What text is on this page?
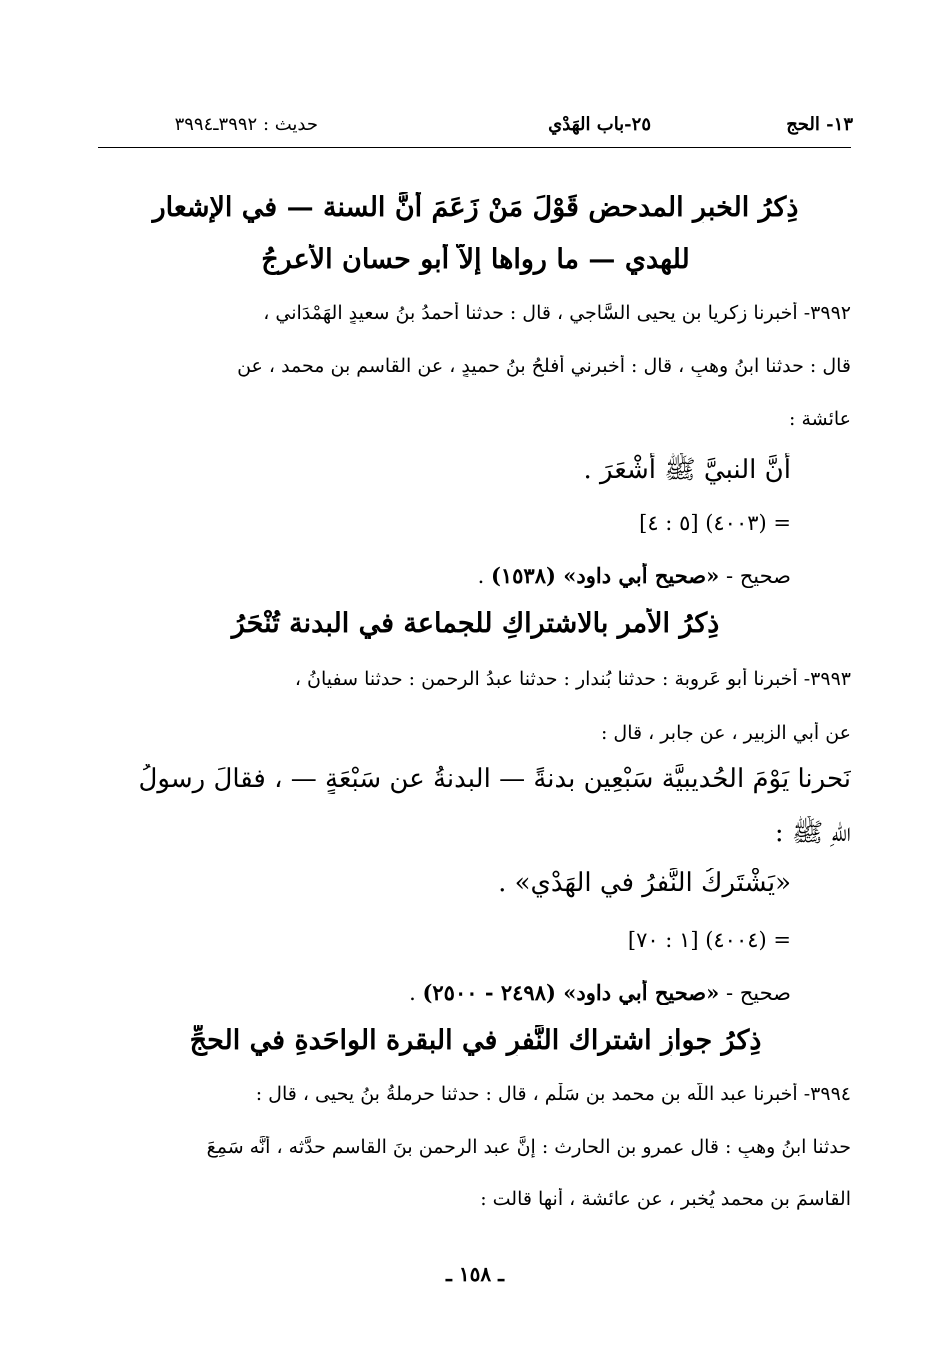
١٣- الحج
٢٥-باب الهَدْي
حديث : ٣٩٩٢ـ٣٩٩٤
ذِكرُ الخبرِ المدحض قَوْلَ مَنْ زَعَمَ أنَّ السنة — في الإشعار
للهدي — ما رواها إلاَّ أبو حسان الأعرجُ
٣٩٩٢- أخبرنا زكريا بن يحيى السَّاجي ، قال : حدثنا أحمدُ بنُ سعيدٍ الهَمْدَاني ،
قال : حدثنا ابنُ وهبٍ ، قال : أخبرني أفلحُ بنُ حميدٍ ، عن القاسمِ بنِ محمد ، عن
عائشة :
أنَّ النبيَّ ﷺ أَشْعَرَ .
= (٤٠٠٣) [٥ : ٤]
صحيح - «صحيح أبي داود» (١٥٣٨) .
ذِكرُ الأمر بالاشتراكِ للجماعة في البدنة تُنْحَرُ
٣٩٩٣- أخبرنا أبو عَروبة : حدثنا بُندار : حدثنا عبدُ الرحمن : حدثنا سفيانُ ،
عن أبي الزبير ، عن جابر ، قال :
نَحرنا يَوْمَ الحُديبيَّة سَبْعِين بدنةً — البدنةُ عن سَبْعَةٍ — ، فقالَ رسولُ
اللّهِ ﷺ :
«يَشْتَرِكُ النَّفرُ في الهَدْي» .
= (٤٠٠٤) [١ : ٧٠]
صحيح - «صحيح أبي داود» (٢٤٩٨ - ٢٥٠٠) .
ذِكرُ جوازِ اشتراك النَّفرِ في البقرة الواحَدةِ في الحجِّ
٣٩٩٤- أخبرنا عبد اللّه بن محمد بن سَلْمٍ ، قال : حدثنا حرملةُ بنُ يحيى ، قال :
حدثنا ابنُ وهبٍ : قال عمرو بن الحارث : إنَّ عبد الرحمن بنَ القاسم حدَّثه ، أنَّه سَمِعَ
القاسمَ بن محمد يُخبر ، عن عائشة ، أنها قالت :
ـ ١٥٨ ـ
